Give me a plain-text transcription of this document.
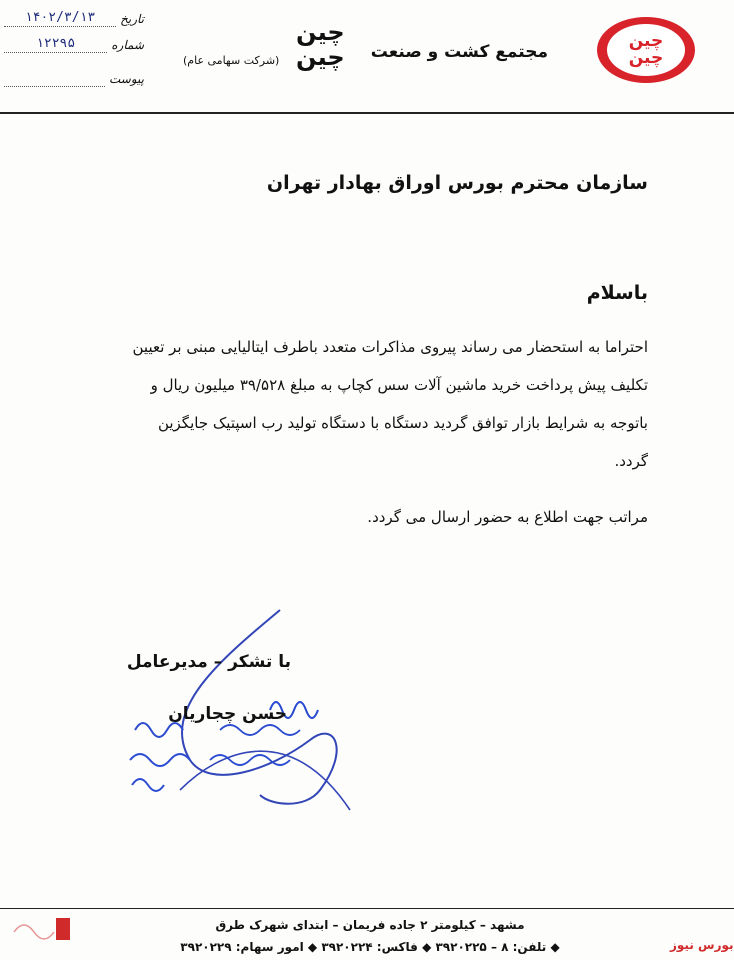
چین
چین
مجتمع کشت و صنعت
چین
چین
(شرکت سهامی عام)
تاریخ
۱۴۰۲/۳/۱۳
شماره
۱۲۲۹۵
پیوست
سازمان محترم بورس اوراق بهادار تهران
باسلام
احتراما به استحضار می رساند پیروی مذاکرات متعدد باطرف ایتالیایی مبنی بر تعیین
تکلیف پیش پرداخت خرید ماشین آلات سس کچاپ به مبلغ ۳۹/۵۲۸ میلیون ریال و
باتوجه به شرایط بازار توافق گردید دستگاه با دستگاه تولید رب اسپتیک جایگزین
گردد.
مراتب جهت اطلاع به حضور ارسال می گردد.
با تشکر – مدیرعامل
حسن چجاریان
مشهد – کیلومتر ۲ جاده فریمان – ابتدای شهرک طرق
◆ تلفن: ۸ – ۳۹۲۰۲۲۵ ◆ فاکس: ۳۹۲۰۲۲۴ ◆ امور سهام: ۳۹۲۰۲۲۹	بورس نیوز
